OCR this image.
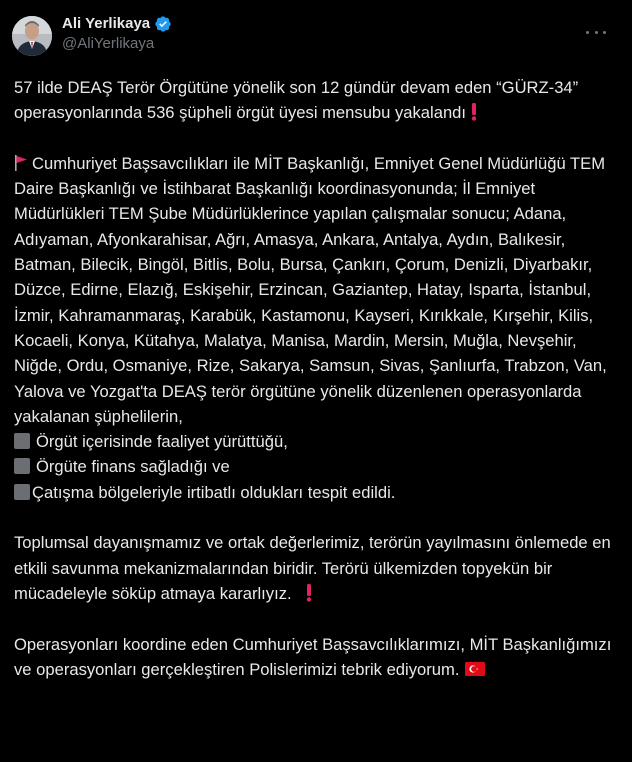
Ali Yerlikaya
@AliYerlikaya

57 ilde DEAŞ Terör Örgütüne yönelik son 12 gündür devam eden “GÜRZ-34” operasyonlarında 536 şüpheli örgüt üyesi mensubu yakalandı

Cumhuriyet Başsavcılıkları ile MİT Başkanlığı, Emniyet Genel Müdürlüğü TEM Daire Başkanlığı ve İstihbarat Başkanlığı koordinasyonunda; İl Emniyet Müdürlükleri TEM Şube Müdürlüklerince yapılan çalışmalar sonucu; Adana, Adıyaman, Afyonkarahisar, Ağrı, Amasya, Ankara, Antalya, Aydın, Balıkesir, Batman, Bilecik, Bingöl, Bitlis, Bolu, Bursa, Çankırı, Çorum, Denizli, Diyarbakır, Düzce, Edirne, Elazığ, Eskişehir, Erzincan, Gaziantep, Hatay, Isparta, İstanbul, İzmir, Kahramanmaraş, Karabük, Kastamonu, Kayseri, Kırıkkale, Kırşehir, Kilis, Kocaeli, Konya, Kütahya, Malatya, Manisa, Mardin, Mersin, Muğla, Nevşehir, Niğde, Ordu, Osmaniye, Rize, Sakarya, Samsun, Sivas, Şanlıurfa, Trabzon, Van, Yalova ve Yozgat'ta DEAŞ terör örgütüne yönelik düzenlenen operasyonlarda yakalanan şüphelilerin,

Örgüt içerisinde faaliyet yürüttüğü,

Örgüte finans sağladığı ve

Çatışma bölgeleriyle irtibatlı oldukları tespit edildi.

Toplumsal dayanışmamız ve ortak değerlerimiz, terörün yayılmasını önlemede en etkili savunma mekanizmalarından biridir. Terörü ülkemizden topyekün bir mücadeleyle söküp atmaya kararlıyız.

Operasyonları koordine eden Cumhuriyet Başsavcılıklarımızı, MİT Başkanlığımızı ve operasyonları gerçekleştiren Polislerimizi tebrik ediyorum.
